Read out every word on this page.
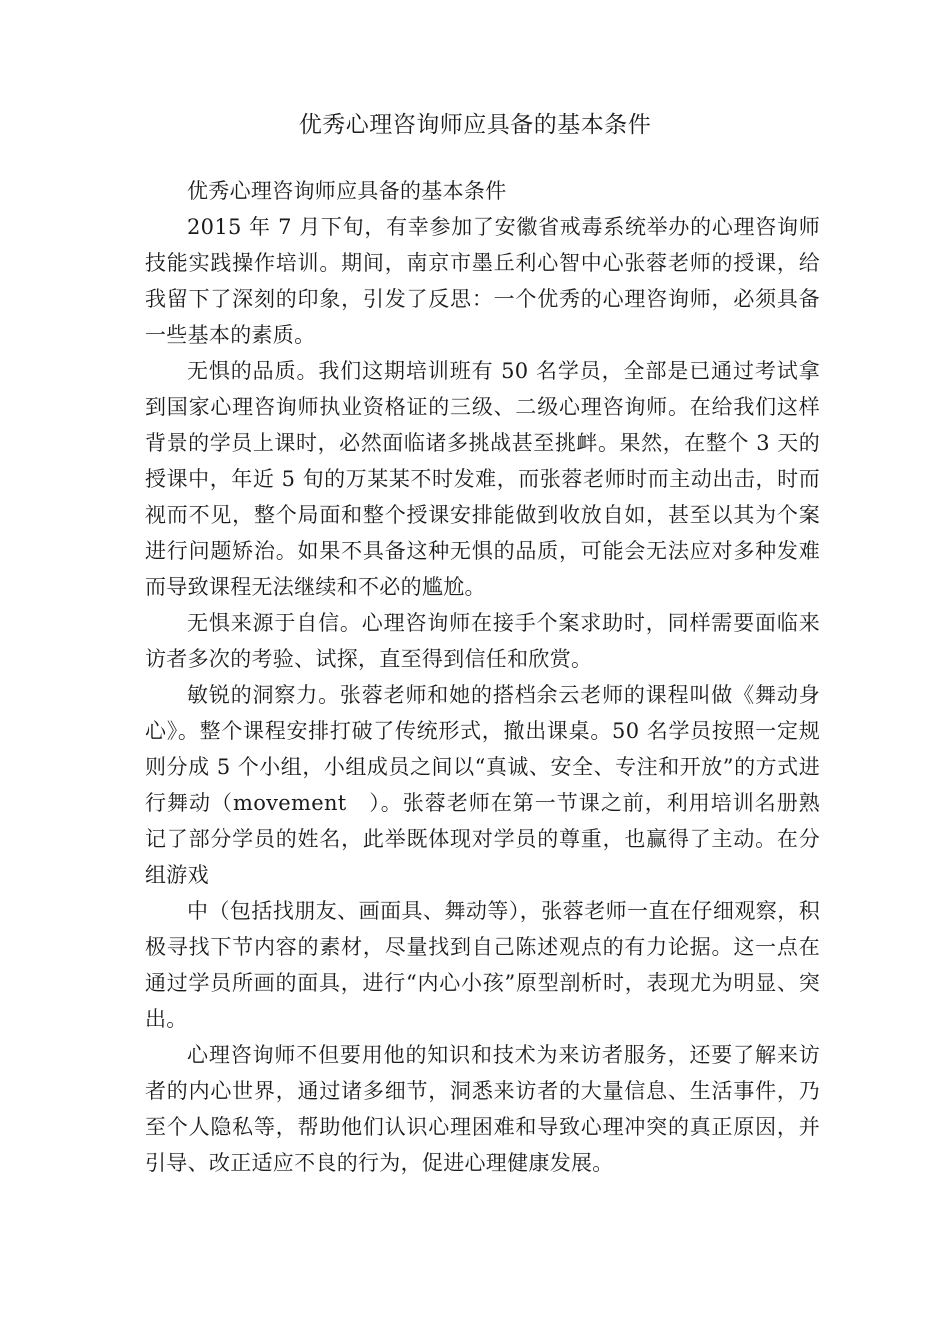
优秀心理咨询师应具备的基本条件

优秀心理咨询师应具备的基本条件

2015 年 7 月下旬，有幸参加了安徽省戒毒系统举办的心理咨询师技能实践操作培训。期间，南京市墨丘利心智中心张蓉老师的授课，给我留下了深刻的印象，引发了反思：一个优秀的心理咨询师，必须具备一些基本的素质。

无惧的品质。我们这期培训班有 50 名学员，全部是已通过考试拿到国家心理咨询师执业资格证的三级、二级心理咨询师。在给我们这样背景的学员上课时，必然面临诸多挑战甚至挑衅。果然，在整个 3 天的授课中，年近 5 旬的万某某不时发难，而张蓉老师时而主动出击，时而视而不见，整个局面和整个授课安排能做到收放自如，甚至以其为个案进行问题矫治。如果不具备这种无惧的品质，可能会无法应对多种发难而导致课程无法继续和不必的尴尬。

无惧来源于自信。心理咨询师在接手个案求助时，同样需要面临来访者多次的考验、试探，直至得到信任和欣赏。

敏锐的洞察力。张蓉老师和她的搭档余云老师的课程叫做《舞动身心》。整个课程安排打破了传统形式，撤出课桌。50 名学员按照一定规则分成 5 个小组，小组成员之间以“真诚、安全、专注和开放”的方式进行舞动（movement　）。张蓉老师在第一节课之前，利用培训名册熟记了部分学员的姓名，此举既体现对学员的尊重，也赢得了主动。在分组游戏

中（包括找朋友、画面具、舞动等），张蓉老师一直在仔细观察，积极寻找下节内容的素材，尽量找到自己陈述观点的有力论据。这一点在通过学员所画的面具，进行“内心小孩”原型剖析时，表现尤为明显、突出。

心理咨询师不但要用他的知识和技术为来访者服务，还要了解来访者的内心世界，通过诸多细节，洞悉来访者的大量信息、生活事件，乃至个人隐私等，帮助他们认识心理困难和导致心理冲突的真正原因，并引导、改正适应不良的行为，促进心理健康发展。
